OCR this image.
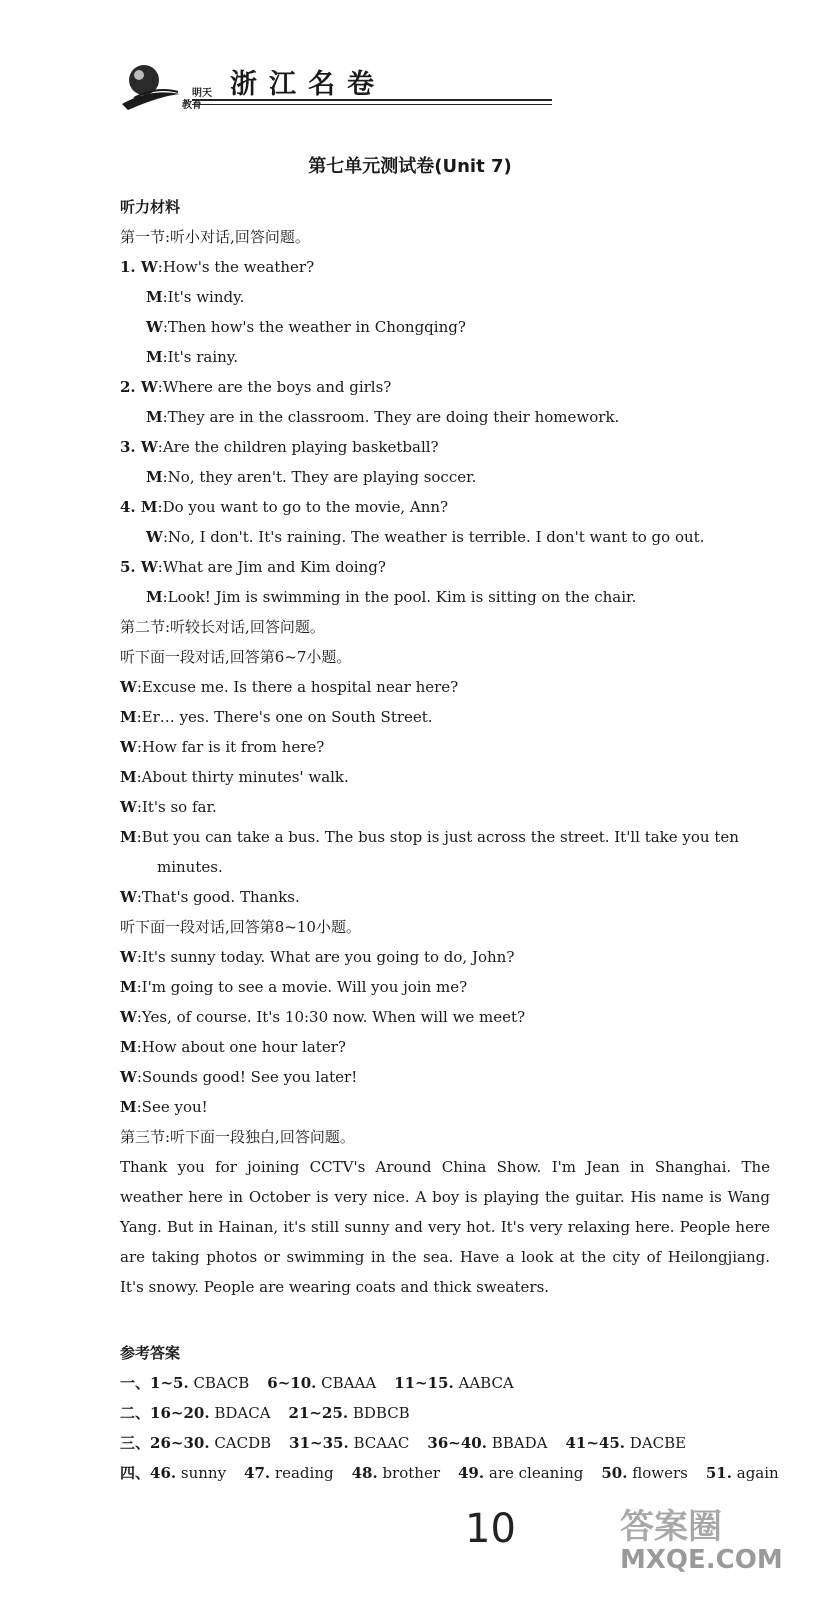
明天
教育
浙江名卷
第七单元测试卷(Unit 7)
听力材料
第一节:听小对话,回答问题。
1. W:How's the weather?
M:It's windy.
W:Then how's the weather in Chongqing?
M:It's rainy.
2. W:Where are the boys and girls?
M:They are in the classroom. They are doing their homework.
3. W:Are the children playing basketball?
M:No, they aren't. They are playing soccer.
4. M:Do you want to go to the movie, Ann?
W:No, I don't. It's raining. The weather is terrible. I don't want to go out.
5. W:What are Jim and Kim doing?
M:Look! Jim is swimming in the pool. Kim is sitting on the chair.
第二节:听较长对话,回答问题。
听下面一段对话,回答第6~7小题。
W:Excuse me. Is there a hospital near here?
M:Er… yes. There's one on South Street.
W:How far is it from here?
M:About thirty minutes' walk.
W:It's so far.
M:But you can take a bus. The bus stop is just across the street. It'll take you ten minutes.
W:That's good. Thanks.
听下面一段对话,回答第8~10小题。
W:It's sunny today. What are you going to do, John?
M:I'm going to see a movie. Will you join me?
W:Yes, of course. It's 10:30 now. When will we meet?
M:How about one hour later?
W:Sounds good! See you later!
M:See you!
第三节:听下面一段独白,回答问题。
Thank you for joining CCTV's Around China Show. I'm Jean in Shanghai. The weather here in October is very nice. A boy is playing the guitar. His name is Wang Yang. But in Hainan, it's still sunny and very hot. It's very relaxing here. People here are taking photos or swimming in the sea. Have a look at the city of Heilongjiang. It's snowy. People are wearing coats and thick sweaters.
参考答案
一、1~5. CBACB 6~10. CBAAA 11~15. AABCA
二、16~20. BDACA 21~25. BDBCB
三、26~30. CACDB 31~35. BCAAC 36~40. BBADA 41~45. DACBE
四、46. sunny 47. reading 48. brother 49. are cleaning 50. flowers 51. again
10	答案圈
MXQE.COM
